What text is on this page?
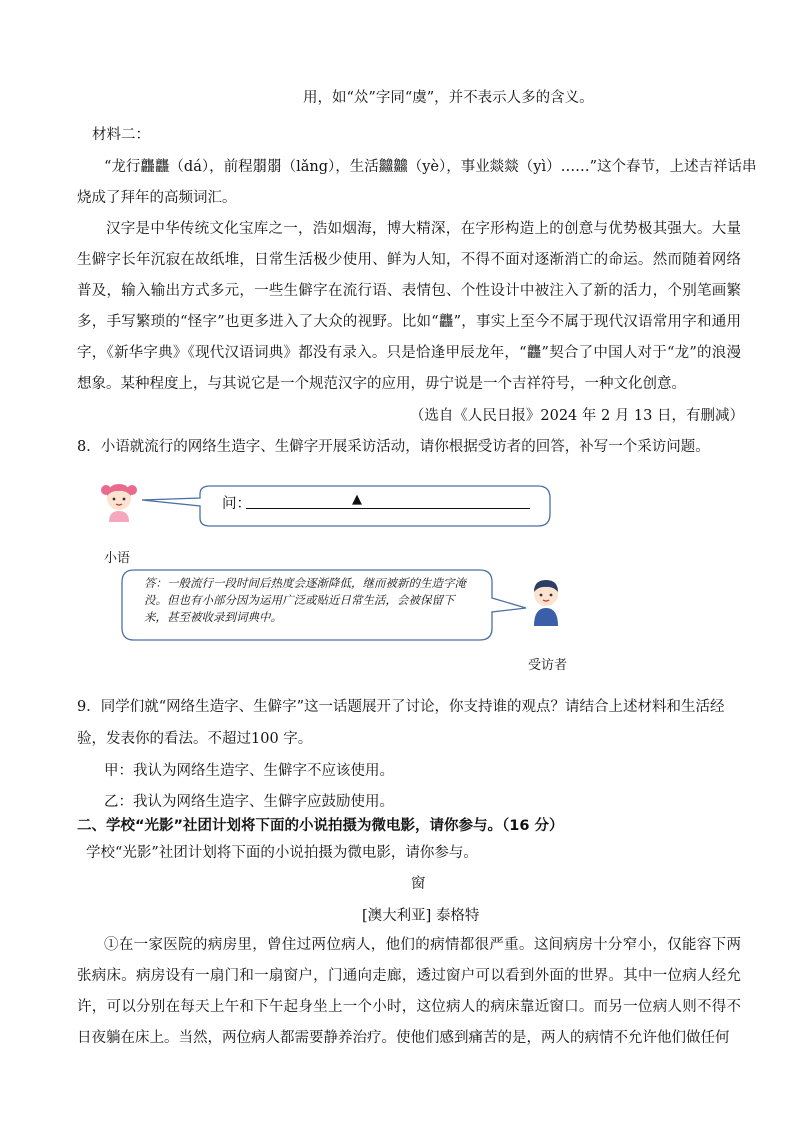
用，如“𠈌”字同“虞”，并不表示人多的含义。
材料二：
“龙行龘龘（dá），前程朤朤（lǎng），生活䲜䲜（yè），事业燚燚（yì）……”这个春节，上述吉祥话串
烧成了拜年的高频词汇。
汉字是中华传统文化宝库之一，浩如烟海，博大精深，在字形构造上的创意与优势极其强大。大量生僻字长年沉寂在故纸堆，日常生活极少使用、鲜为人知，不得不面对逐渐消亡的命运。然而随着网络普及，输入输出方式多元，一些生僻字在流行语、表情包、个性设计中被注入了新的活力，个别笔画繁多，手写繁琐的“怪字”也更多进入了大众的视野。比如“龘”，事实上至今不属于现代汉语常用字和通用字，《新华字典》《现代汉语词典》都没有录入。只是恰逢甲辰龙年，“龘”契合了中国人对于“龙”的浪漫想象。某种程度上，与其说它是一个规范汉字的应用，毋宁说是一个吉祥符号，一种文化创意。
（选自《人民日报》2024 年 2 月 13 日，有删减）
8．小语就流行的网络生造字、生僻字开展采访活动，请你根据受访者的回答，补写一个采访问题。
问：	▲
小语
答：一般流行一段时间后热度会逐渐降低，继而被新的生造字淹没。但也有小部分因为运用广泛或贴近日常生活，会被保留下来，甚至被收录到词典中。
受访者
9．同学们就“网络生造字、生僻字”这一话题展开了讨论，你支持谁的观点？请结合上述材料和生活经
验，发表你的看法。不超过100 字。
甲：我认为网络生造字、生僻字不应该使用。
乙：我认为网络生造字、生僻字应鼓励使用。
二、学校“光影”社团计划将下面的小说拍摄为微电影，请你参与。（16 分）
学校“光影”社团计划将下面的小说拍摄为微电影，请你参与。
窗
[澳大利亚] 泰格特
①在一家医院的病房里，曾住过两位病人，他们的病情都很严重。这间病房十分窄小，仅能容下两张病床。病房设有一扇门和一扇窗户，门通向走廊，透过窗户可以看到外面的世界。其中一位病人经允许，可以分别在每天上午和下午起身坐上一个小时，这位病人的病床靠近窗口。而另一位病人则不得不日夜躺在床上。当然，两位病人都需要静养治疗。使他们感到痛苦的是，两人的病情不允许他们做任何
